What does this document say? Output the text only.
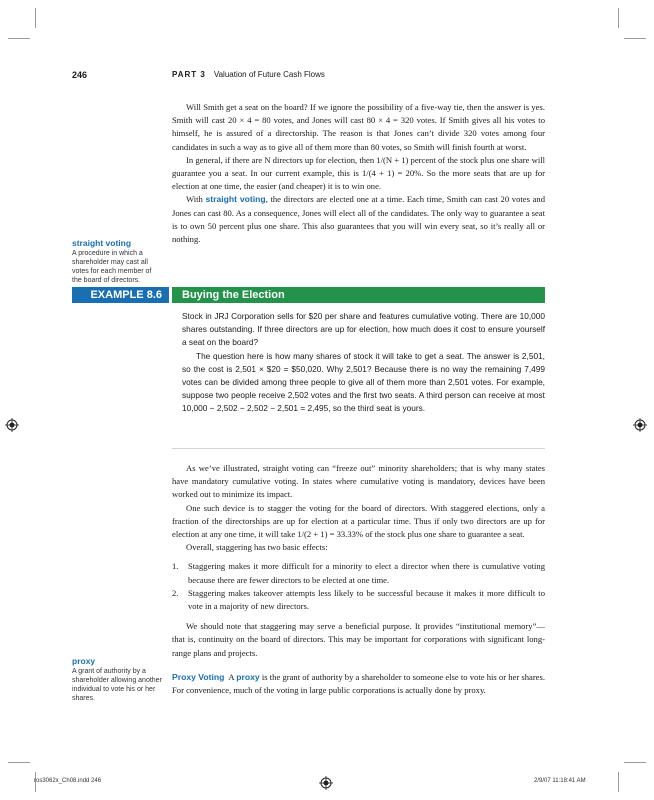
246	PART 3 Valuation of Future Cash Flows

Will Smith get a seat on the board? If we ignore the possibility of a five-way tie, then the answer is yes. Smith will cast 20 × 4 = 80 votes, and Jones will cast 80 × 4 = 320 votes. If Smith gives all his votes to himself, he is assured of a directorship. The reason is that Jones can’t divide 320 votes among four candidates in such a way as to give all of them more than 80 votes, so Smith will finish fourth at worst.

In general, if there are N directors up for election, then 1/(N + 1) percent of the stock plus one share will guarantee you a seat. In our current example, this is 1/(4 + 1) = 20%. So the more seats that are up for election at one time, the easier (and cheaper) it is to win one.

With straight voting, the directors are elected one at a time. Each time, Smith can cast 20 votes and Jones can cast 80. As a consequence, Jones will elect all of the candidates. The only way to guarantee a seat is to own 50 percent plus one share. This also guarantees that you will win every seat, so it’s really all or nothing.

straight voting
A procedure in which a shareholder may cast all votes for each member of the board of directors.
EXAMPLE 8.6	Buying the Election

Stock in JRJ Corporation sells for $20 per share and features cumulative voting. There are 10,000 shares outstanding. If three directors are up for election, how much does it cost to ensure yourself a seat on the board?

The question here is how many shares of stock it will take to get a seat. The answer is 2,501, so the cost is 2,501 × $20 = $50,020. Why 2,501? Because there is no way the remaining 7,499 votes can be divided among three people to give all of them more than 2,501 votes. For example, suppose two people receive 2,502 votes and the first two seats. A third person can receive at most 10,000 − 2,502 − 2,502 − 2,501 = 2,495, so the third seat is yours.

As we’ve illustrated, straight voting can “freeze out” minority shareholders; that is why many states have mandatory cumulative voting. In states where cumulative voting is mandatory, devices have been worked out to minimize its impact.

One such device is to stagger the voting for the board of directors. With staggered elections, only a fraction of the directorships are up for election at a particular time. Thus if only two directors are up for election at any one time, it will take 1/(2 + 1) = 33.33% of the stock plus one share to guarantee a seat.

Overall, staggering has two basic effects:

1. Staggering makes it more difficult for a minority to elect a director when there is cumulative voting because there are fewer directors to be elected at one time.
2. Staggering makes takeover attempts less likely to be successful because it makes it more difficult to vote in a majority of new directors.

We should note that staggering may serve a beneficial purpose. It provides “institutional memory”—that is, continuity on the board of directors. This may be important for corporations with significant long-range plans and projects.

Proxy Voting A proxy is the grant of authority by a shareholder to someone else to vote his or her shares. For convenience, much of the voting in large public corporations is actually done by proxy.

proxy
A grant of authority by a shareholder allowing another individual to vote his or her shares.
ros3062x_Ch08.indd 246	2/9/07 11:18:41 AM
